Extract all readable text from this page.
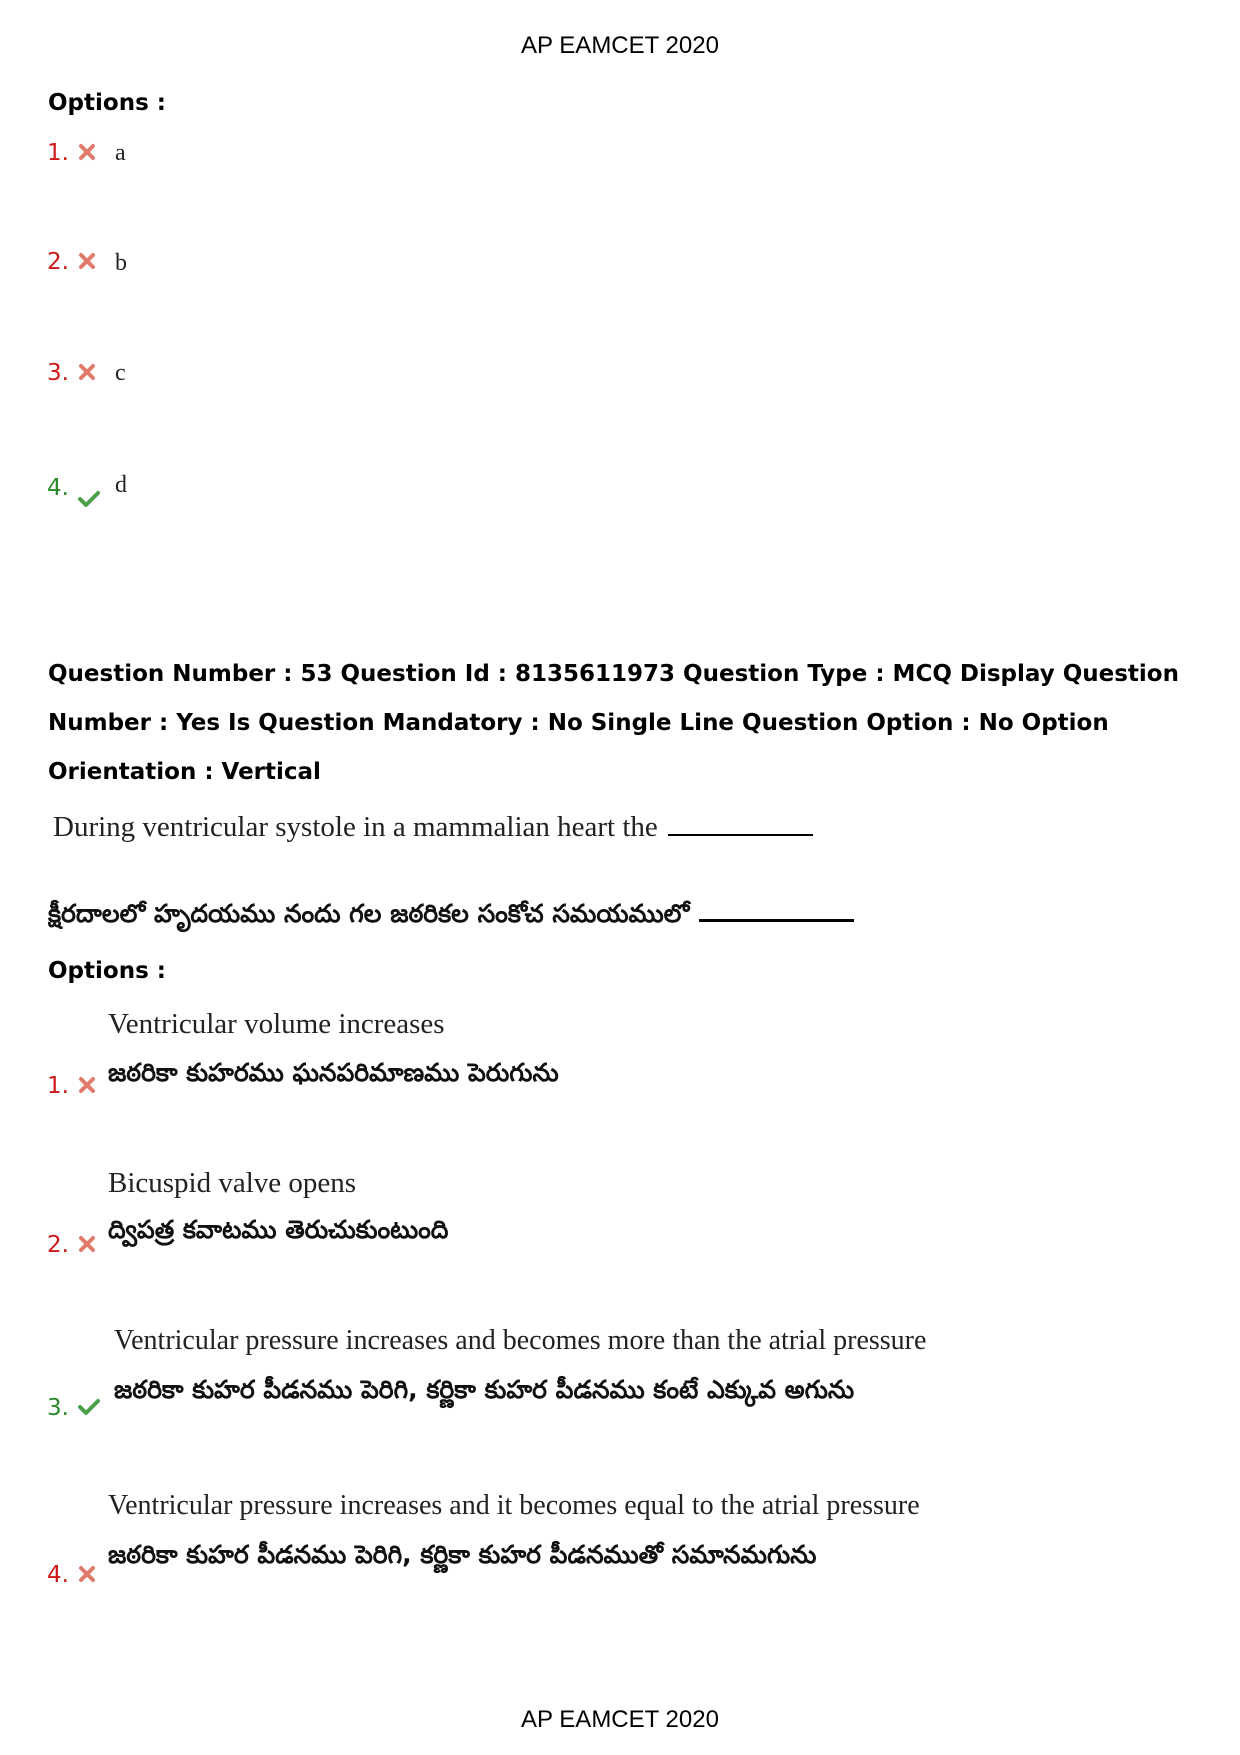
AP EAMCET 2020
Options :
1. a
2. b
3. c
4. d
Question Number : 53 Question Id : 8135611973 Question Type : MCQ Display Question
Number : Yes Is Question Mandatory : No Single Line Question Option : No Option
Orientation : Vertical
During ventricular systole in a mammalian heart the
క్షీరదాలలో హృదయము నందు గల జఠరికల సంకోచ సమయములో
Options :
Ventricular volume increases
జఠరికా కుహరము ఘనపరిమాణము పెరుగును
1.
Bicuspid valve opens
ద్విపత్ర కవాటము తెరుచుకుంటుంది
2.
Ventricular pressure increases and becomes more than the atrial pressure
జఠరికా కుహర పీడనము పెరిగి, కర్ణికా కుహర పీడనము కంటే ఎక్కువ అగును
3.
Ventricular pressure increases and it becomes equal to the atrial pressure
జఠరికా కుహర పీడనము పెరిగి, కర్ణికా కుహర పీడనముతో సమానమగును
4.
AP EAMCET 2020
